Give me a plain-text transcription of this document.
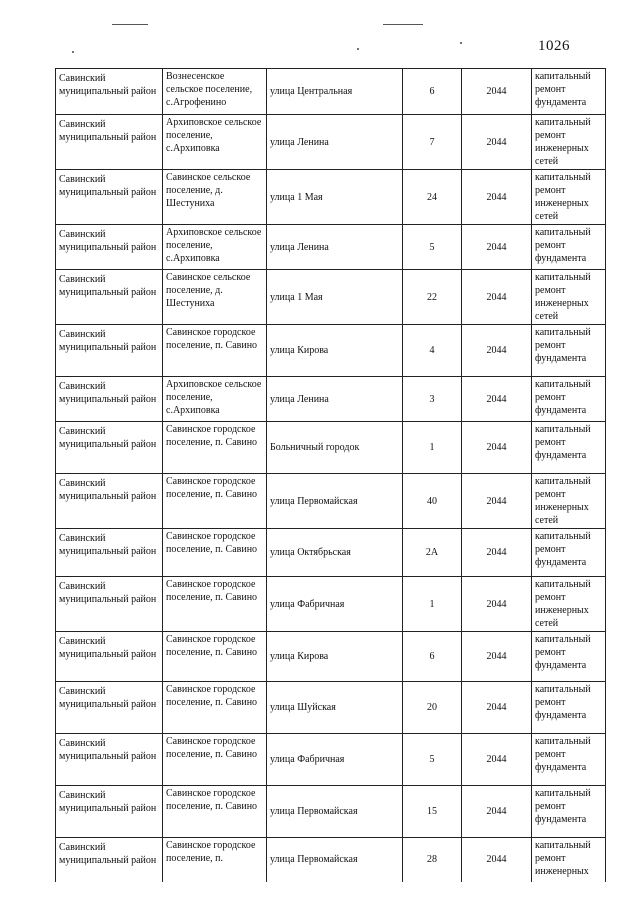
1026
Савинский муниципальный район	Вознесенское сельское поселение, с.Агрофенино	улица Центральная	6	2044	капитальный ремонт фундамента
Савинский муниципальный район	Архиповское сельское поселение, с.Архиповка	улица Ленина	7	2044	капитальный ремонт инженерных сетей
Савинский муниципальный район	Савинское сельское поселение, д. Шестуниха	улица 1 Мая	24	2044	капитальный ремонт инженерных сетей
Савинский муниципальный район	Архиповское сельское поселение, с.Архиповка	улица Ленина	5	2044	капитальный ремонт фундамента
Савинский муниципальный район	Савинское сельское поселение, д. Шестуниха	улица 1 Мая	22	2044	капитальный ремонт инженерных сетей
Савинский муниципальный район	Савинское городское поселение, п. Савино	улица Кирова	4	2044	капитальный ремонт фундамента
Савинский муниципальный район	Архиповское сельское поселение, с.Архиповка	улица Ленина	3	2044	капитальный ремонт фундамента
Савинский муниципальный район	Савинское городское поселение, п. Савино	Больничный городок	1	2044	капитальный ремонт фундамента
Савинский муниципальный район	Савинское городское поселение, п. Савино	улица Первомайская	40	2044	капитальный ремонт инженерных сетей
Савинский муниципальный район	Савинское городское поселение, п. Савино	улица Октябрьская	2А	2044	капитальный ремонт фундамента
Савинский муниципальный район	Савинское городское поселение, п. Савино	улица Фабричная	1	2044	капитальный ремонт инженерных сетей
Савинский муниципальный район	Савинское городское поселение, п. Савино	улица Кирова	6	2044	капитальный ремонт фундамента
Савинский муниципальный район	Савинское городское поселение, п. Савино	улица Шуйская	20	2044	капитальный ремонт фундамента
Савинский муниципальный район	Савинское городское поселение, п. Савино	улица Фабричная	5	2044	капитальный ремонт фундамента
Савинский муниципальный район	Савинское городское поселение, п. Савино	улица Первомайская	15	2044	капитальный ремонт фундамента
Савинский муниципальный район	Савинское городское поселение, п.	улица Первомайская	28	2044	капитальный ремонт инженерных
